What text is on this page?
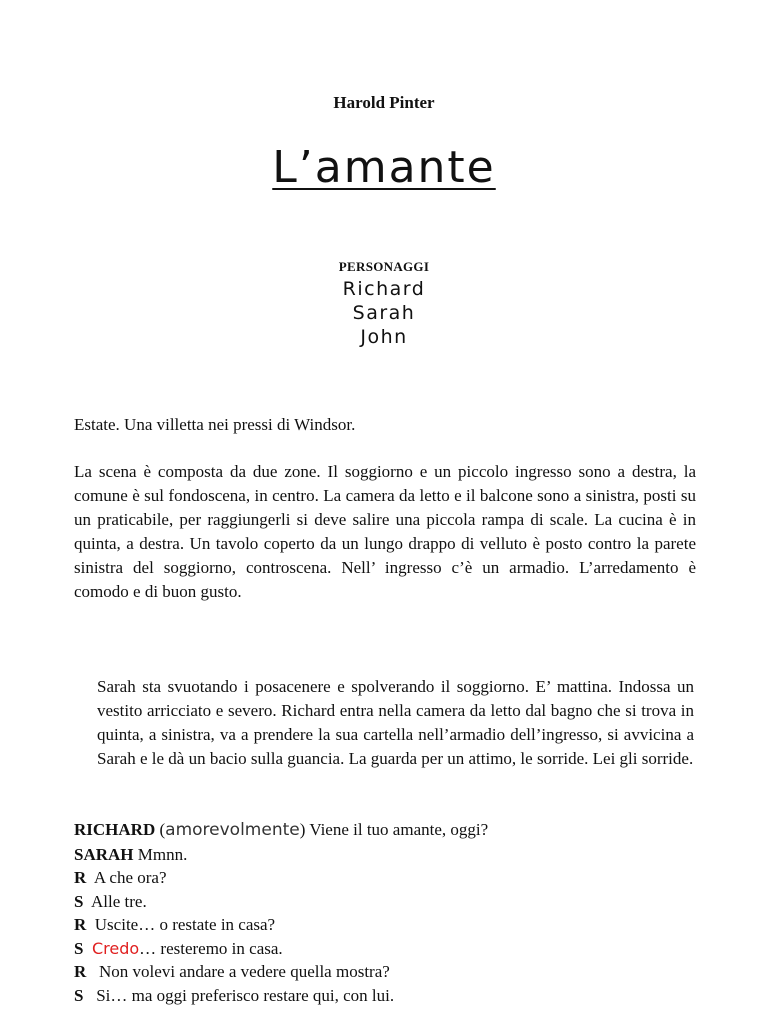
Harold Pinter
L’amante
PERSONAGGI
Richard
Sarah
John
Estate. Una villetta nei pressi di Windsor.
La scena è composta da due zone. Il soggiorno e un piccolo ingresso sono a destra, la comune è sul fondoscena, in centro. La camera da letto e il balcone sono a sinistra, posti su un praticabile, per raggiungerli si deve salire una piccola rampa di scale. La cucina è in quinta, a destra. Un tavolo coperto da un lungo drappo di velluto è posto contro la parete sinistra del soggiorno, controscena. Nell’ ingresso c’è un armadio. L’arredamento è comodo e di buon gusto.
Sarah sta svuotando i posacenere e spolverando il soggiorno. E’ mattina. Indossa un vestito arricciato e severo. Richard entra nella camera da letto dal bagno che si trova in quinta, a sinistra, va a prendere la sua cartella nell’armadio dell’ingresso, si avvicina a Sarah e le dà un bacio sulla guancia. La guarda per un attimo, le sorride. Lei gli sorride.
RICHARD (amorevolmente) Viene il tuo amante, oggi?
SARAH Mmnn.
R  A che ora?
S  Alle tre.
R  Uscite… o restate in casa?
S Credo… resteremo in casa.
R   Non volevi andare a vedere quella mostra?
S   Si… ma oggi preferisco restare qui, con lui.
